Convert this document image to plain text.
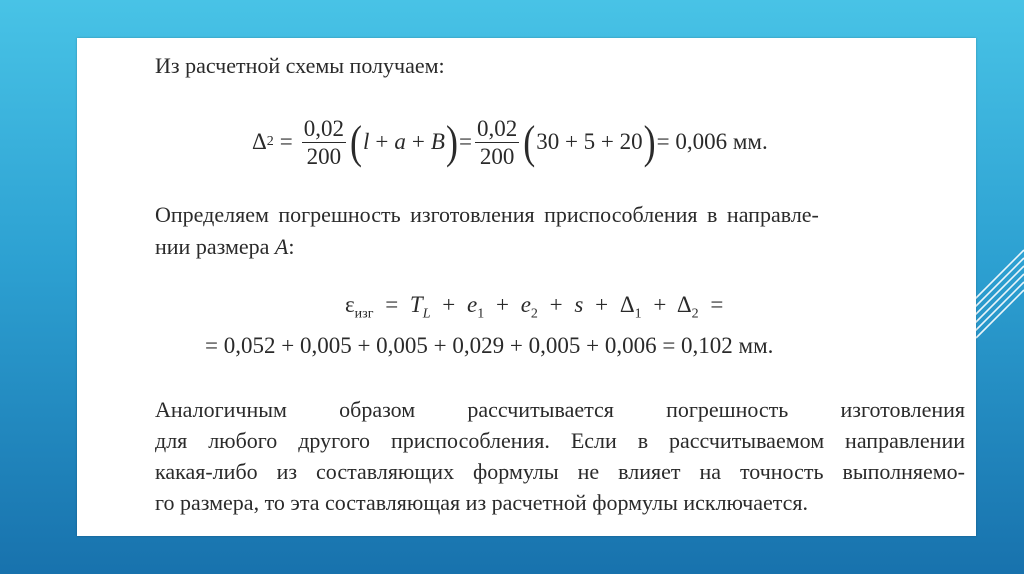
Из расчетной схемы получаем:
Δ $2 = \frac{0,02}{200}$ ( l + a + B ) = $\frac{0,02}{200}$ ( 30 + 5 + 20 ) = 0,006 мм.
Определяем погрешность изготовления приспособления в направле-
нии размера A:
$\varepsilon_{изг} = T_L + e_1 + e_2 + s + \Delta_1 + \Delta_2$ =
= 0,052 + 0,005 + 0,005 + 0,029 + 0,005 + 0,006 = 0,102 мм.
Аналогичным образом рассчитывается погрешность изготовления
для любого другого приспособления. Если в рассчитываемом направлении
какая-либо из составляющих формулы не влияет на точность выполняемо-
го размера, то эта составляющая из расчетной формулы исключается.
